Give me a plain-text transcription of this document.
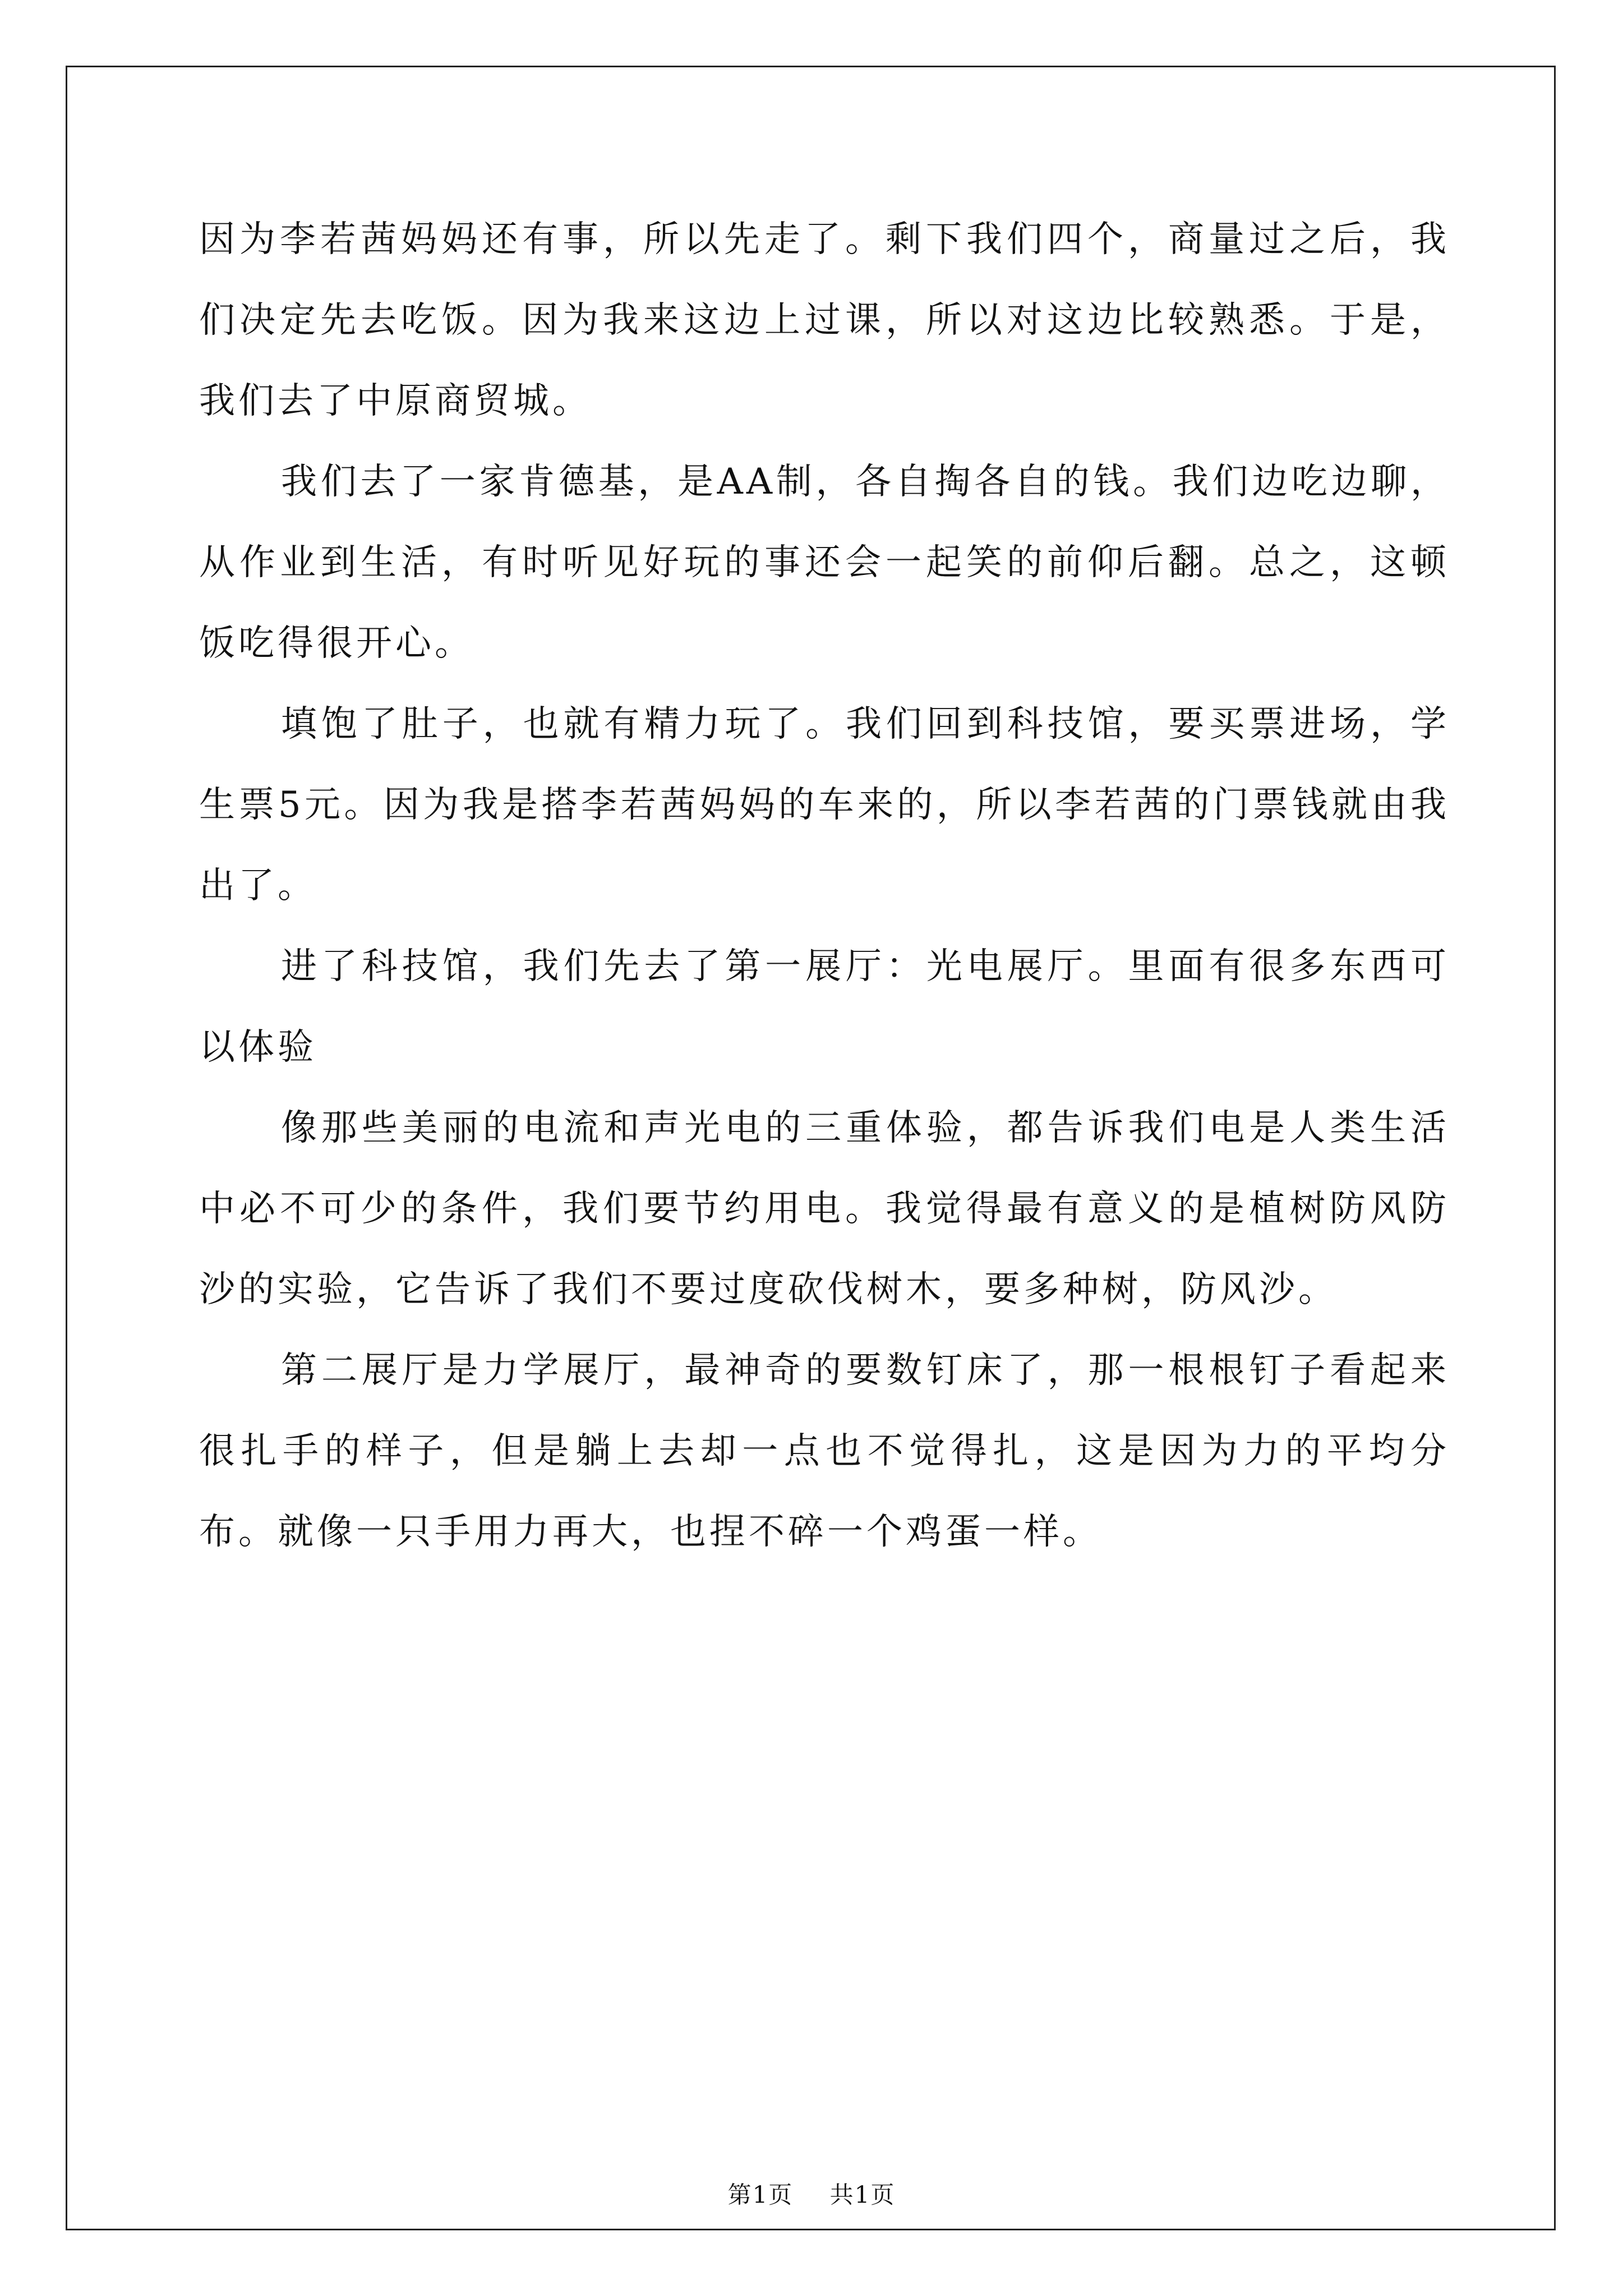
因为李若茜妈妈还有事，所以先走了。剩下我们四个，商量过之后，我们决定先去吃饭。因为我来这边上过课，所以对这边比较熟悉。于是，我们去了中原商贸城。

我们去了一家肯德基，是AA制，各自掏各自的钱。我们边吃边聊，从作业到生活，有时听见好玩的事还会一起笑的前仰后翻。总之，这顿饭吃得很开心。

填饱了肚子，也就有精力玩了。我们回到科技馆，要买票进场，学生票5元。因为我是搭李若茜妈妈的车来的，所以李若茜的门票钱就由我出了。

进了科技馆，我们先去了第一展厅：光电展厅。里面有很多东西可以体验

像那些美丽的电流和声光电的三重体验，都告诉我们电是人类生活中必不可少的条件，我们要节约用电。我觉得最有意义的是植树防风防沙的实验，它告诉了我们不要过度砍伐树木，要多种树，防风沙。

第二展厅是力学展厅，最神奇的要数钉床了，那一根根钉子看起来很扎手的样子，但是躺上去却一点也不觉得扎，这是因为力的平均分布。就像一只手用力再大，也捏不碎一个鸡蛋一样。

第1页 共1页
